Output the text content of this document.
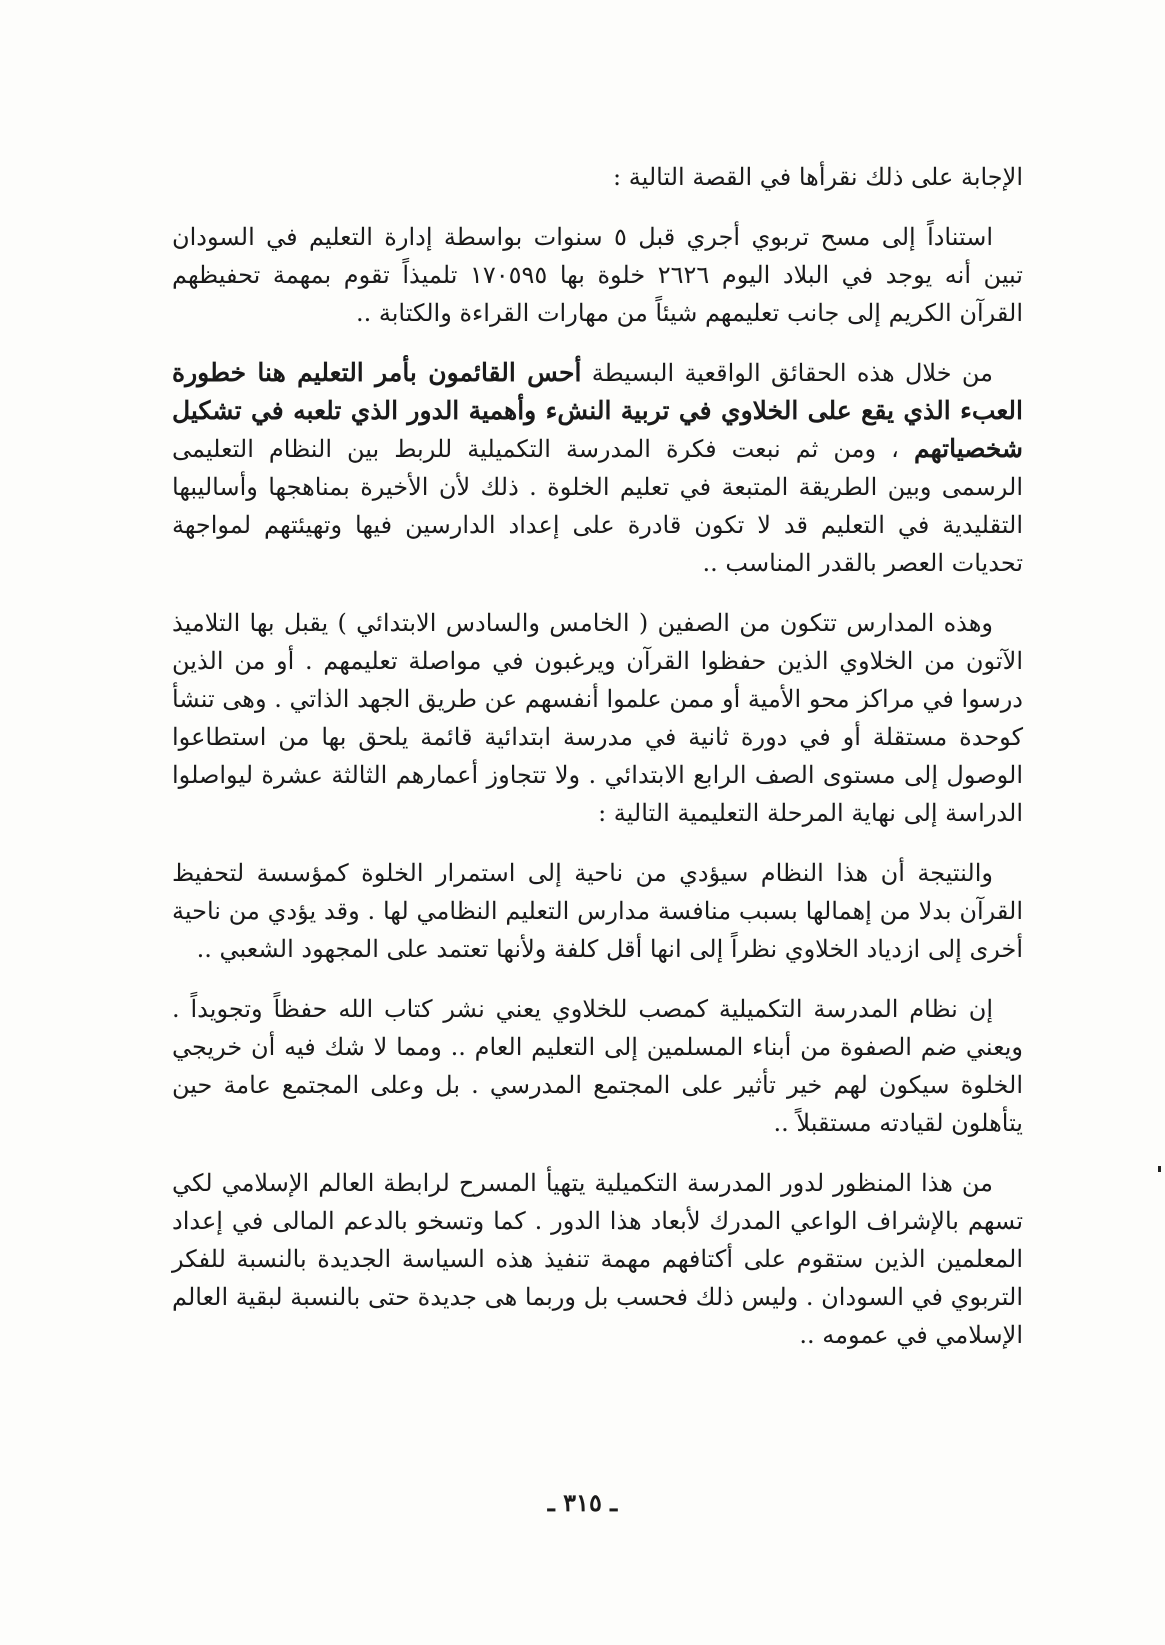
الإجابة على ذلك نقرأها في القصة التالية :

استناداً إلى مسح تربوي أجري قبل ٥ سنوات بواسطة إدارة التعليم في السودان تبين أنه يوجد في البلاد اليوم ٢٦٢٦ خلوة بها ١٧٠٥٩٥ تلميذاً تقوم بمهمة تحفيظهم القرآن الكريم إلى جانب تعليمهم شيئاً من مهارات القراءة والكتابة ..

من خلال هذه الحقائق الواقعية البسيطة أحس القائمون بأمر التعليم هنا خطورة العبء الذي يقع على الخلاوي في تربية النشء وأهمية الدور الذي تلعبه في تشكيل شخصياتهم ، ومن ثم نبعت فكرة المدرسة التكميلية للربط بين النظام التعليمى الرسمى وبين الطريقة المتبعة في تعليم الخلوة . ذلك لأن الأخيرة بمناهجها وأساليبها التقليدية في التعليم قد لا تكون قادرة على إعداد الدارسين فيها وتهيئتهم لمواجهة تحديات العصر بالقدر المناسب ..

وهذه المدارس تتكون من الصفين ( الخامس والسادس الابتدائي ) يقبل بها التلاميذ الآتون من الخلاوي الذين حفظوا القرآن ويرغبون في مواصلة تعليمهم . أو من الذين درسوا في مراكز محو الأمية أو ممن علموا أنفسهم عن طريق الجهد الذاتي . وهى تنشأ كوحدة مستقلة أو في دورة ثانية في مدرسة ابتدائية قائمة يلحق بها من استطاعوا الوصول إلى مستوى الصف الرابع الابتدائي . ولا تتجاوز أعمارهم الثالثة عشرة ليواصلوا الدراسة إلى نهاية المرحلة التعليمية التالية :

والنتيجة أن هذا النظام سيؤدي من ناحية إلى استمرار الخلوة كمؤسسة لتحفيظ القرآن بدلا من إهمالها بسبب منافسة مدارس التعليم النظامي لها . وقد يؤدي من ناحية أخرى إلى ازدياد الخلاوي نظراً إلى انها أقل كلفة ولأنها تعتمد على المجهود الشعبي ..

إن نظام المدرسة التكميلية كمصب للخلاوي يعني نشر كتاب الله حفظاً وتجويداً . ويعني ضم الصفوة من أبناء المسلمين إلى التعليم العام .. ومما لا شك فيه أن خريجي الخلوة سيكون لهم خير تأثير على المجتمع المدرسي . بل وعلى المجتمع عامة حين يتأهلون لقيادته مستقبلاً ..

من هذا المنظور لدور المدرسة التكميلية يتهيأ المسرح لرابطة العالم الإسلامي لكي تسهم بالإشراف الواعي المدرك لأبعاد هذا الدور . كما وتسخو بالدعم المالى في إعداد المعلمين الذين ستقوم على أكتافهم مهمة تنفيذ هذه السياسة الجديدة بالنسبة للفكر التربوي في السودان . وليس ذلك فحسب بل وربما هى جديدة حتى بالنسبة لبقية العالم الإسلامي في عمومه ..

ـ ٣١٥ ـ
